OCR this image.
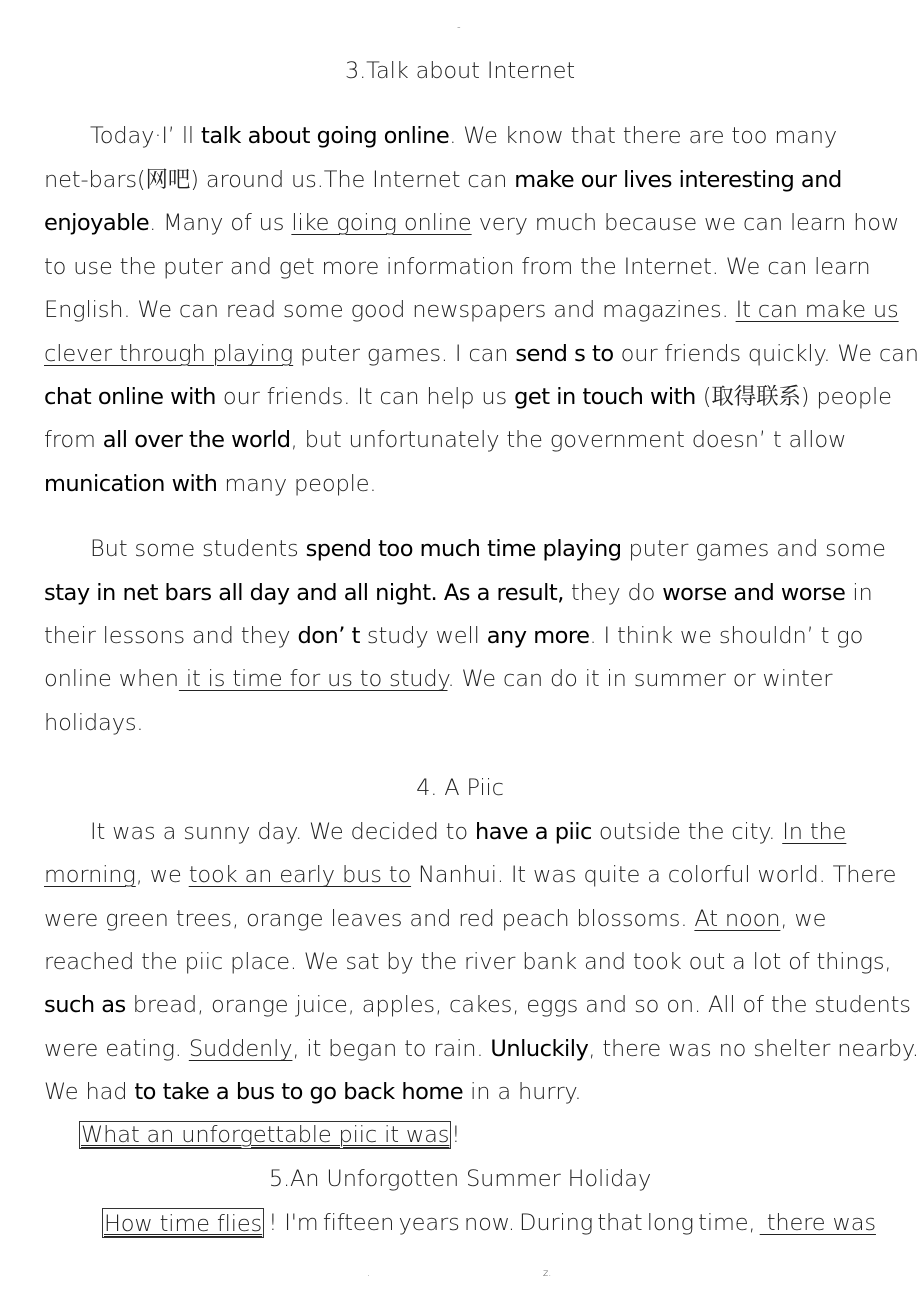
-
3.Talk about Internet
Today·I’ ll talk about going online. We know that there are too many
net-bars(网吧) around us.The Internet can make our lives interesting and
enjoyable. Many of us like going online very much because we can learn how
to use the puter and get more information from the Internet. We can learn
English. We can read some good newspapers and magazines. It can make us
clever through playing puter games. I can send s to our friends quickly. We can
chat online with our friends. It can help us get in touch with (取得联系) people
from all over the world, but unfortunately the government doesn’ t allow
munication with many people.
But some students spend too much time playing puter games and some
stay in net bars all day and all night. As a result, they do worse and worse in
their lessons and they don’ t study well any more. I think we shouldn’ t go
online when it is time for us to study. We can do it in summer or winter
holidays.
4. A Piic
It was a sunny day. We decided to have a piic outside the city. In the
morning, we took an early bus to Nanhui. It was quite a colorful world. There
were green trees, orange leaves and red peach blossoms. At noon, we
reached the piic place. We sat by the river bank and took out a lot of things,
such as bread, orange juice, apples, cakes, eggs and so on. All of the students
were eating. Suddenly, it began to rain. Unluckily, there was no shelter nearby.
We had to take a bus to go back home in a hurry.
What an unforgettable piic it was!
5.An Unforgotten Summer Holiday
How time flies ! I'm fifteen years now. During that long time, there was
.	z.
